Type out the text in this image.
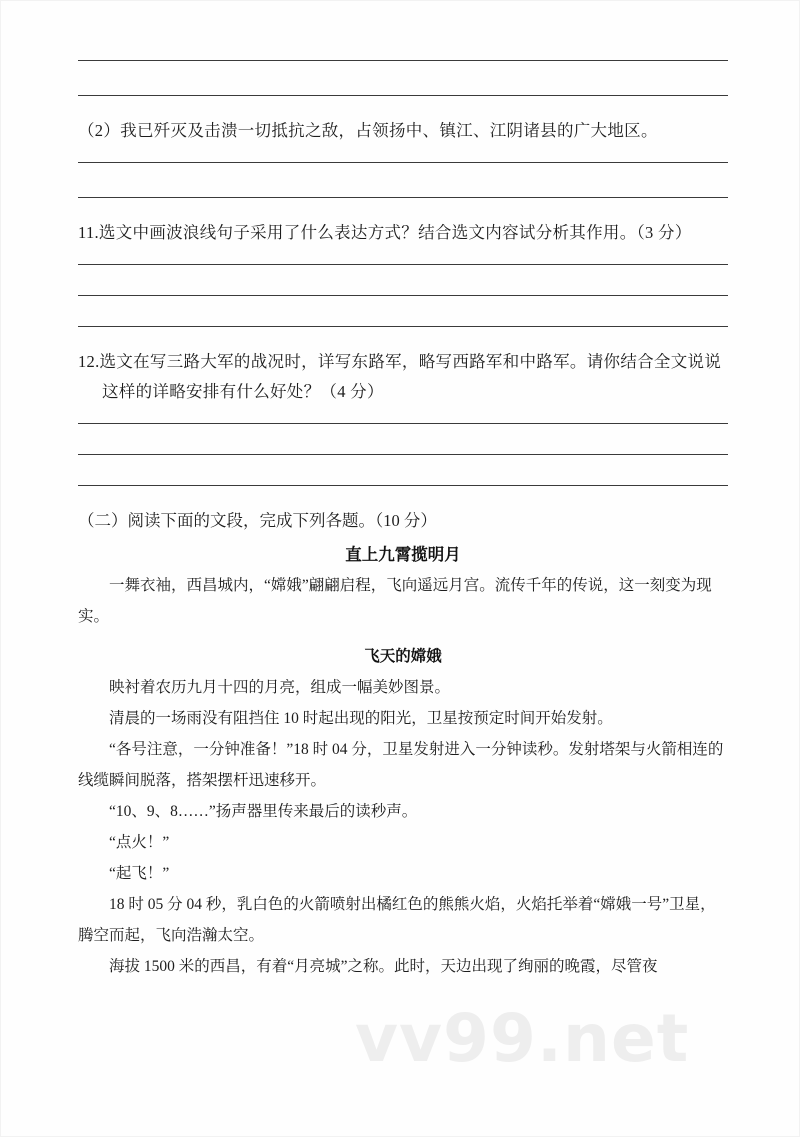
（2）我已歼灭及击溃一切抵抗之敌，占领扬中、镇江、江阴诸县的广大地区。
11.选文中画波浪线句子采用了什么表达方式？结合选文内容试分析其作用。（3 分）
12.选文在写三路大军的战况时，详写东路军，略写西路军和中路军。请你结合全文说说
这样的详略安排有什么好处？（4 分）
（二）阅读下面的文段，完成下列各题。（10 分）
直上九霄揽明月
一舞衣袖，西昌城内，“嫦娥”翩翩启程，飞向遥远月宫。流传千年的传说，这一刻变为现实。
飞天的嫦娥
映衬着农历九月十四的月亮，组成一幅美妙图景。
清晨的一场雨没有阻挡住 10 时起出现的阳光，卫星按预定时间开始发射。
“各号注意，一分钟准备！”18 时 04 分，卫星发射进入一分钟读秒。发射塔架与火箭相连的线缆瞬间脱落，搭架摆杆迅速移开。
“10、9、8……”扬声器里传来最后的读秒声。
“点火！”
“起飞！”
18 时 05 分 04 秒，乳白色的火箭喷射出橘红色的熊熊火焰，火焰托举着“嫦娥一号”卫星，腾空而起，飞向浩瀚太空。
海拔 1500 米的西昌，有着“月亮城”之称。此时，天边出现了绚丽的晚霞，尽管夜
vv99.net
